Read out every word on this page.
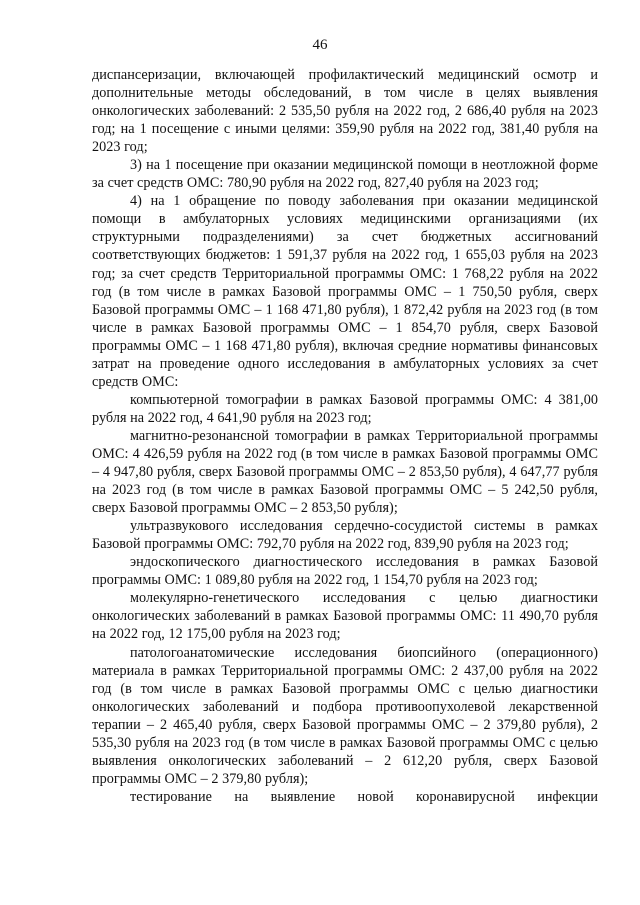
46

диспансеризации, включающей профилактический медицинский осмотр и дополнительные методы обследований, в том числе в целях выявления онкологических заболеваний: 2 535,50 рубля на 2022 год, 2 686,40 рубля на 2023 год; на 1 посещение с иными целями: 359,90 рубля на 2022 год, 381,40 рубля на 2023 год;

3) на 1 посещение при оказании медицинской помощи в неотложной форме за счет средств ОМС: 780,90 рубля на 2022 год, 827,40 рубля на 2023 год;

4) на 1 обращение по поводу заболевания при оказании медицинской помощи в амбулаторных условиях медицинскими организациями (их структурными подразделениями) за счет бюджетных ассигнований соответствующих бюджетов: 1 591,37 рубля на 2022 год, 1 655,03 рубля на 2023 год; за счет средств Территориальной программы ОМС: 1 768,22 рубля на 2022 год (в том числе в рамках Базовой программы ОМС – 1 750,50 рубля, сверх Базовой программы ОМС – 1 168 471,80 рубля), 1 872,42 рубля на 2023 год (в том числе в рамках Базовой программы ОМС – 1 854,70 рубля, сверх Базовой программы ОМС – 1 168 471,80 рубля), включая средние нормативы финансовых затрат на проведение одного исследования в амбулаторных условиях за счет средств ОМС:

компьютерной томографии в рамках Базовой программы ОМС: 4 381,00 рубля на 2022 год, 4 641,90 рубля на 2023 год;

магнитно-резонансной томографии в рамках Территориальной программы ОМС: 4 426,59 рубля на 2022 год (в том числе в рамках Базовой программы ОМС – 4 947,80 рубля, сверх Базовой программы ОМС – 2 853,50 рубля), 4 647,77 рубля на 2023 год (в том числе в рамках Базовой программы ОМС – 5 242,50 рубля, сверх Базовой программы ОМС – 2 853,50 рубля);

ультразвукового исследования сердечно-сосудистой системы в рамках Базовой программы ОМС: 792,70 рубля на 2022 год, 839,90 рубля на 2023 год;

эндоскопического диагностического исследования в рамках Базовой программы ОМС: 1 089,80 рубля на 2022 год, 1 154,70 рубля на 2023 год;

молекулярно-генетического исследования с целью диагностики онкологических заболеваний в рамках Базовой программы ОМС: 11 490,70 рубля на 2022 год, 12 175,00 рубля на 2023 год;

патологоанатомические исследования биопсийного (операционного) материала в рамках Территориальной программы ОМС: 2 437,00 рубля на 2022 год (в том числе в рамках Базовой программы ОМС с целью диагностики онкологических заболеваний и подбора противоопухолевой лекарственной терапии – 2 465,40 рубля, сверх Базовой программы ОМС – 2 379,80 рубля), 2 535,30 рубля на 2023 год (в том числе в рамках Базовой программы ОМС с целью выявления онкологических заболеваний – 2 612,20 рубля, сверх Базовой программы ОМС – 2 379,80 рубля);

тестирование на выявление новой коронавирусной инфекции
